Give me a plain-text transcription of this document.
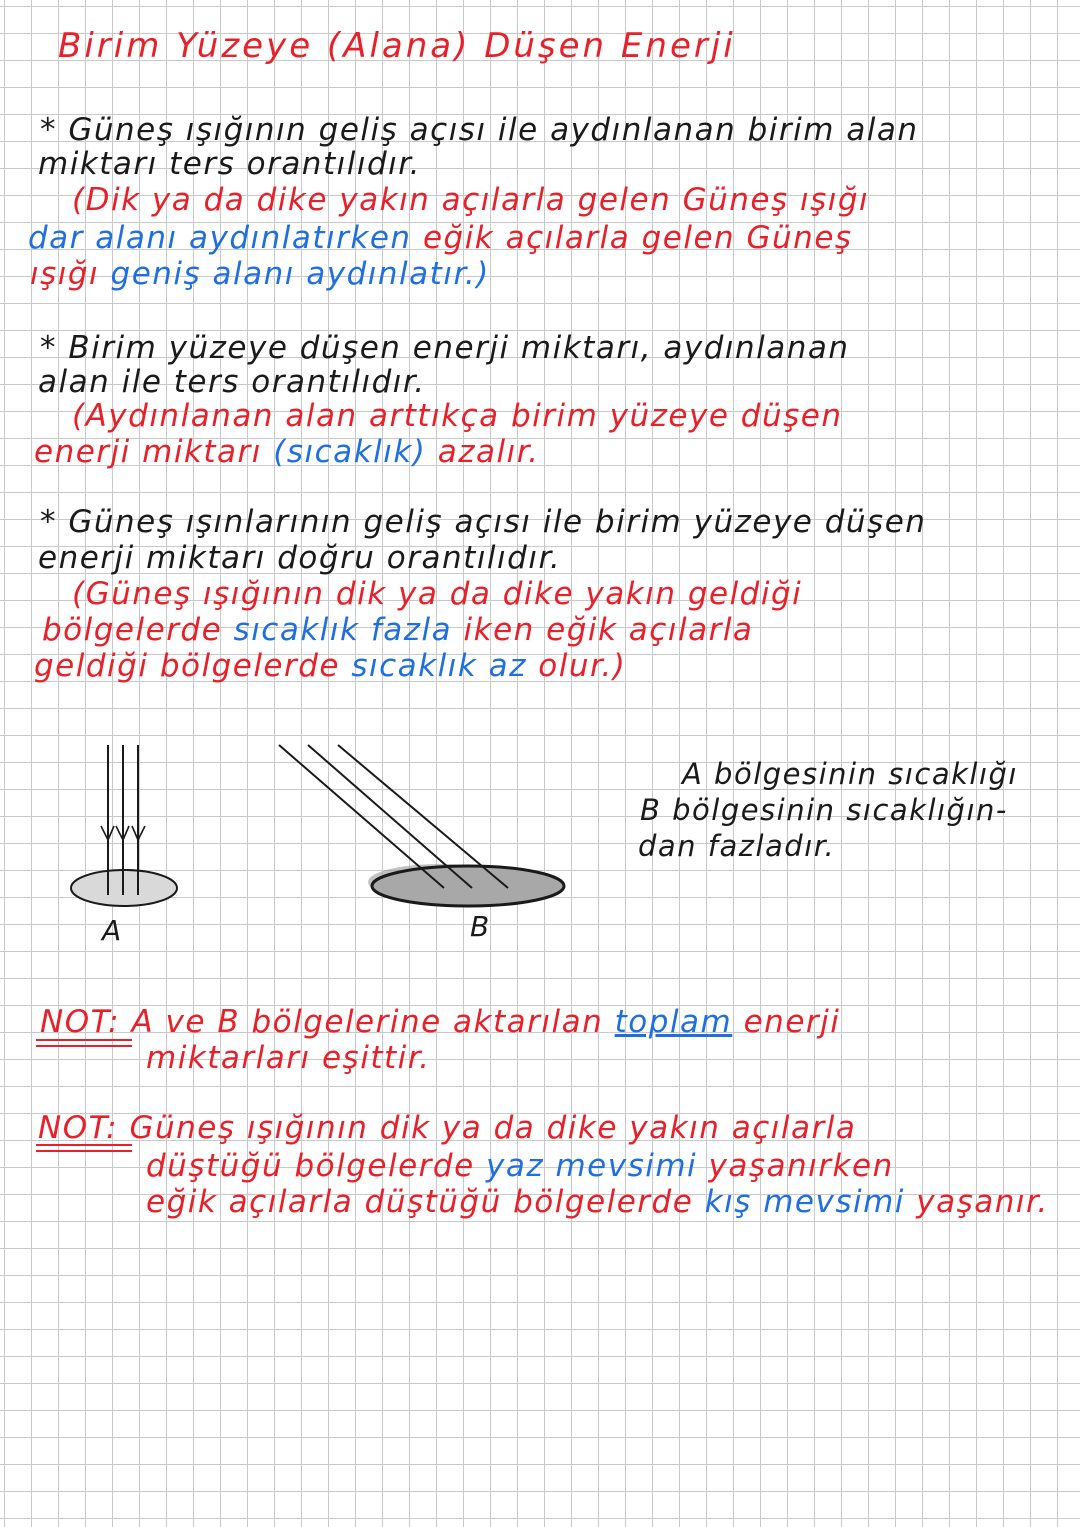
Birim Yüzeye (Alana) Düşen Enerji
* Güneş ışığının geliş açısı ile aydınlanan birim alan
miktarı ters orantılıdır.
(Dik ya da dike yakın açılarla gelen Güneş ışığı
dar alanı aydınlatırken eğik açılarla gelen Güneş
ışığı geniş alanı aydınlatır.)
* Birim yüzeye düşen enerji miktarı, aydınlanan
alan ile ters orantılıdır.
(Aydınlanan alan arttıkça birim yüzeye düşen
enerji miktarı (sıcaklık) azalır.
* Güneş ışınlarının geliş açısı ile birim yüzeye düşen
enerji miktarı doğru orantılıdır.
(Güneş ışığının dik ya da dike yakın geldiği
bölgelerde sıcaklık fazla iken eğik açılarla
geldiği bölgelerde sıcaklık az olur.)
A	B
A bölgesinin sıcaklığı
B bölgesinin sıcaklığın-
dan fazladır.
NOT: A ve B bölgelerine aktarılan toplam enerji
miktarları eşittir.
NOT: Güneş ışığının dik ya da dike yakın açılarla
düştüğü bölgelerde yaz mevsimi yaşanırken
eğik açılarla düştüğü bölgelerde kış mevsimi yaşanır.
